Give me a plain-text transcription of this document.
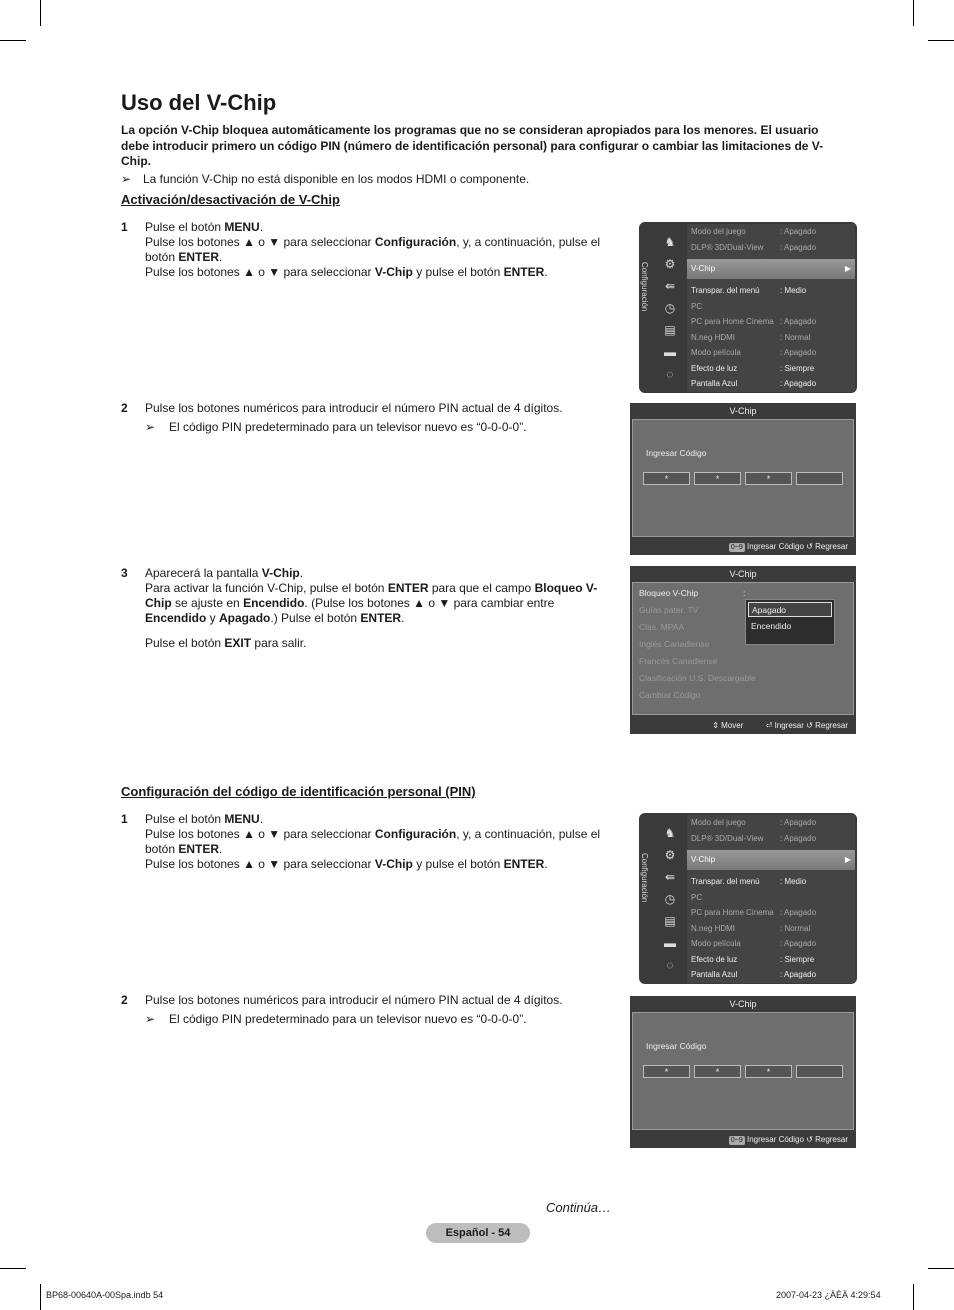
Uso del V-Chip

La opción V-Chip bloquea automáticamente los programas que no se consideran apropiados para los menores. El usuario debe introducir primero un código PIN (número de identificación personal) para configurar o cambiar las limitaciones de V-Chip.

➢ La función V-Chip no está disponible en los modos HDMI o componente.
Activación/desactivación de V-Chip
1 Pulse el botón MENU.

Pulse los botones ▲ o ▼ para seleccionar Configuración, y, a continuación, pulse el botón ENTER.

Pulse los botones ▲ o ▼ para seleccionar V-Chip y pulse el botón ENTER.	Configuración
♞
⚙
⇚
◷
▤
▬
◌
Modo del juego	: Apagado
DLP® 3D/Dual-View : Apagado
V-Chip	▶
Transpar. del menú	: Medio
PC
PC para Home Cinema : Apagado
N.neg HDMI	: Normal
Modo película	: Apagado
Efecto de luz	: Siempre
Pantalla Azul	: Apagado
2 Pulse los botones numéricos para introducir el número PIN actual de 4 dígitos.

➢ El código PIN predeterminado para un televisor nuevo es “0-0-0-0”.

V-Chip
Ingresar Código
*	*	*
0~9 Ingresar Código ↺ Regresar
3 Aparecerá la pantalla V-Chip.

Para activar la función V-Chip, pulse el botón ENTER para que el campo Bloqueo V-Chip se ajuste en Encendido. (Pulse los botones ▲ o ▼ para cambiar entre Encendido y Apagado.) Pulse el botón ENTER.

Pulse el botón EXIT para salir.

V-Chip
Bloqueo V-Chip	:
Guías pater. TV
Clas. MPAA
Inglés Canadiense
Francés Canadiense
Clasificación U.S. Descargable
Cambiar Código
Apagado
Encendido
⇕ Mover	⏎ Ingresar ↺ Regresar
Configuración del código de identificación personal (PIN)
1 Pulse el botón MENU.

Pulse los botones ▲ o ▼ para seleccionar Configuración, y, a continuación, pulse el botón ENTER.

Pulse los botones ▲ o ▼ para seleccionar V-Chip y pulse el botón ENTER.	Configuración
♞
⚙
⇚
◷
▤
▬
◌
Modo del juego	: Apagado
DLP® 3D/Dual-View : Apagado
V-Chip	▶
Transpar. del menú	: Medio
PC
PC para Home Cinema : Apagado
N.neg HDMI	: Normal
Modo película	: Apagado
Efecto de luz	: Siempre
Pantalla Azul	: Apagado
2 Pulse los botones numéricos para introducir el número PIN actual de 4 dígitos.

➢ El código PIN predeterminado para un televisor nuevo es “0-0-0-0”.

V-Chip
Ingresar Código
*	*	*
0~9 Ingresar Código ↺ Regresar
Continúa…
Español - 54
BP68-00640A-00Spa.indb 54	2007-04-23 ¿ÀÈÄ 4:29:54
